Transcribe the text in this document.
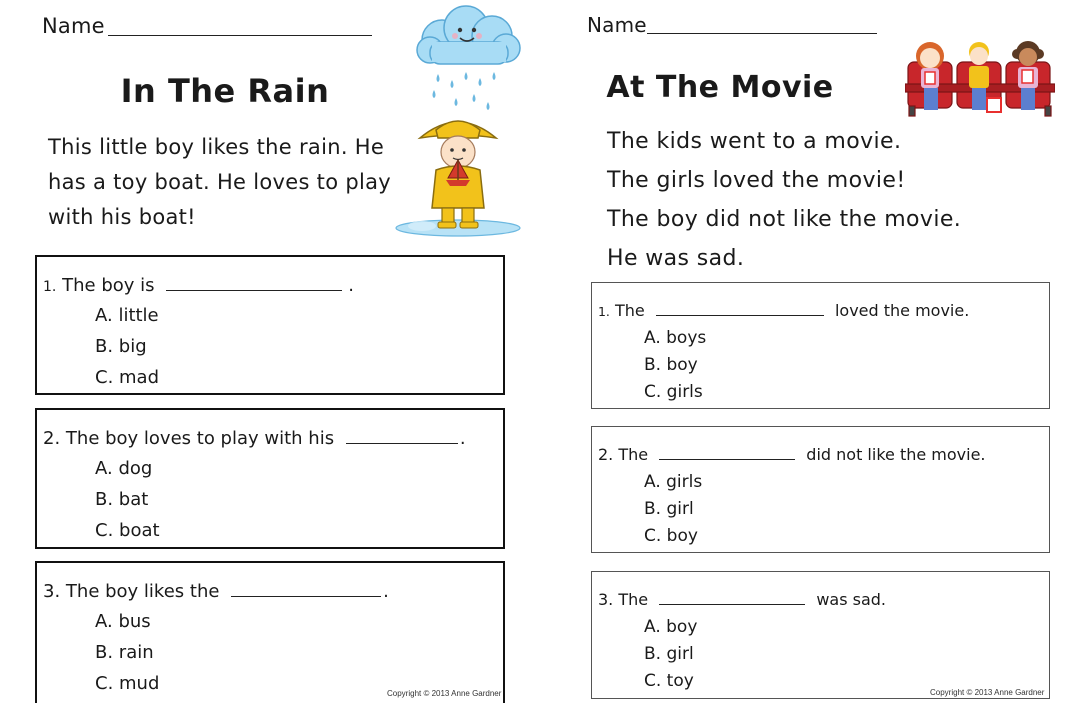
Name
In The Rain
This little boy likes the rain. He
has a toy boat. He loves to play
with his boat!
1. The boy is	.
A. little
B. big
C. mad
2. The boy loves to play with his	.
A. dog
B. bat
C. boat
3. The boy likes the	.
A. bus
B. rain
C. mud	Copyright © 2013 Anne Gardner
Name
At The Movie
The kids went to a movie.
The girls loved the movie!
The boy did not like the movie.
He was sad.
1. The	loved the movie.
A. boys
B. boy
C. girls
2. The	did not like the movie.
A. girls
B. girl
C. boy
3. The	was sad.
A. boy
B. girl
C. toy
Copyright © 2013 Anne Gardner
